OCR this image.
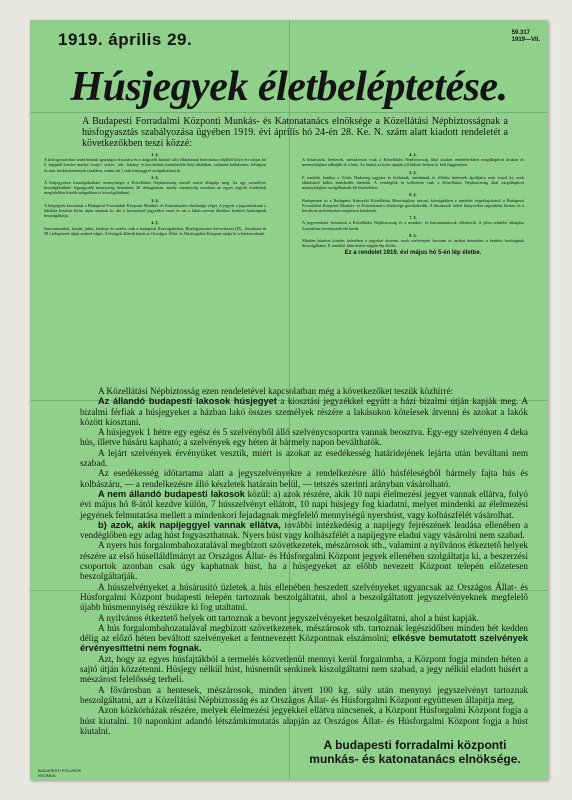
1919. április 29.	59.317
1919—VII.
Húsjegyek életbeléptetése.
A Budapesti Forradalmi Központi Munkás- és Katonatanács elnöksége a Közellátási Népbiztosságnak a húsfogyasztás szabályozása ügyében 1919. évi április hó 24-én 28. Ke. N. szám alatt kiadott rendeletét a következőkben teszi közzé:
1. §.
A kisfogyasztókra szánt húsnak igazságos elosztása és a dolgozók húsból való ellátásának biztosítása céljából folyó évi május hó 5. napjától kezdve marha-, borjú-, sertés-, juh-, bárány- és kecskehús (mindenféle hús) általában, valamint kolbászáru, felvágott és más húskészítmények (szalámi, sonka stb.) csak húsjeggyel szolgáltatható ki.
2. §.
A húsjegyeken kiszolgáltatható mennyiséget a Közellátási Népbiztosság esetről esetre állapítja meg. Az egy személyre kiszolgáltatható legnagyobb mennyiség hetenként 20 dekagramm, amely mennyiség azonban az egyes jegyek értékének megfelelően kisebb adagokban is kiszolgáltatható.
3. §.
A húsjegyek kiosztását a Budapesti Forradalmi Központi Munkás- és Katonatanács elnöksége végzi. A jegyek a jogosultaknak a lakóház bizalmi férfia útján adatnak ki, aki a kiosztásról jegyzéket vezet és azt a lakás szerint illetékes kerületi hatóságnak beszolgáltatja.
4. §.
Szarvasmarhát, borjút, juhot, bárányt és sertést csak a budapesti Közvágóhídon, Húsfogyasztási Szövetkezet (IX., Soroksári-út 58.) telepeinek útján szabad vágni. A levágott állatok húsát az Országos Állat- és Húsforgalmi Központ utalja ki a húsárusoknak.
4. §.
A húsárusok, hentesek, mészárosok csak a Közellátási Népbiztosság által kiadott rendeletekben megállapított árakon és mennyiségben adhatják el a húst. Az árakat az üzlet ajtaján jól látható helyen ki kell függeszteni.
5. §.
E rendelet hatálya a Vörös Hadsereg tagjaira és kórházak, menházak és ellátási intézetek ápoltjaira nem terjed ki; ezek ellátásáról külön intézkedés történik. A vendéglők és kifőzések csak a Közellátási Népbiztosság által megállapított mennyiségben szolgálhatnak fel húsételeket.
6. §.
Budapesten és a Budapesti Környéki Közellátási Bizottsághoz tartozó községekben e rendelet végrehajtásáról a Budapesti Forradalmi Központi Munkás- és Katonatanács elnöksége gondoskodik. A húsárusok üzleti könyveiket naponként lezárni és a beváltott szelvényeket megőrizni kötelesek.
7. §.
A jegyrendszer betartását a Közellátási Népbiztosság és a munkás- és katonatanácsok ellenőrzik. A jelen rendelet áthágása forradalmi törvényszék elé kerül.
8. §.
Minden húsárus köteles üzletében a jegyeket átvenni, azok szelvényeit bevonni és azokat hetenként a kerületi hatóságnak beszolgáltatni. E rendelet kihirdetése napján lép életbe.
Ez a rendelet 1919. évi május hó 5-én lép életbe.

A Közellátási Népbiztosság ezen rendeletével kapcsolatban még a következőket teszük közhírré:

Az állandó budapesti lakosok húsjegyet a kiosztási jegyzékkel együtt a házi bizalmi útján kapják meg. A bizalmi férfiak a húsjegyeket a házban lakó összes személyek részére a lakásukon kötelesek átvenni és azokat a lakók között kiosztani.

A húsjegyek 1 hétre egy egész és 5 szelvényből álló szelvénycsoportra vannak beosztva. Egy-egy szelvényen 4 deka hús, illetve húsáru kapható; a szelvények egy héten át bármely napon beválthatók.

A lejárt szelvények érvényüket vesztik, miért is azokat az esedékesség határidejének lejárta után beváltani nem szabad.

Az esedékesség időtartama alatt a jegyszelvényekre a rendelkezésre álló húsféleségből bármely fajta hús és kolbászáru, — a rendelkezésre álló készletek határain belül, — tetszés szerinti arányban vásárolható.

A nem állandó budapesti lakosok közül: a) azok részére, akik 10 napi élelmezési jegyet vannak ellátva, folyó évi május hó 8-ától kezdve külön, 7 hússzelvényt ellátott, 10 napi húsjegy fog kiadatni, melyet mindenki az élelmezési jegyének felmutatása mellett a mindenkori fejadagnak megfelelő mennyiségű nyershúst, vagy kolbászfélét vásárolhat.

b) azok, akik napijeggyel vannak ellátva, további intézkedésig a napijegy fejrészének leadása ellenében a vendéglőben egy adag húst fogyaszthatnak. Nyers húst vagy kolbászfélét a napijegyre eladni vagy vásárolni nem szabad.

A nyers hús forgalombahozatalával megbízott szövetkezetek, mészárosok stb., valamint a nyilvános étkeztető helyek részére az első húselláldlmányt az Országos Állat- és Húsforgalmi Központ jegyek ellenében szolgáltatja ki, a beszerzési csoportok azonban csak úgy kaphatnak húst, ha a húsjegyeket az előbb nevezett Központ telepén előzetesen beszolgáltatják.

A hússzelvényeket a húsárusító üzletek a hús ellenében beszedett szelvényeket ugyancsak az Országos Állat- és Húsforgalmi Központ budapesti telepén tartoznak beszolgáltatni, ahol a beszolgáltatott jegyszelvényeknek megfelelő újabb húsmennyiség részükre ki fog utaltatni.

A nyilvános étkeztető helyek ott tartoznak a bevont jegyszelvényeket beszolgáltatni, ahol a húst kapják.

A hús forgalombahozatalával megbízott szövetkezetek, mészárosok stb. tartoznak legészidőben minden hét kedden délig az előző héten beváltott szelvényeket a fentnevezett Központnak elszámolni; elkésve bemutatott szelvények érvényesíttetni nem fognak.

Azt, hogy az egyes húsfajtákból a termelés közvetlenül mennyi kerül forgalomba, a Központ fogja minden héten a sajtó útján közzétenni. Húsjegy nélkül húst, húsneműt senkinek kiszolgáltatni nem szabad, a jegy nélkül eladott húsért a mészárost felelősség terheli.

A fővárosban a hentesek, mészárosok, minden átvett 100 kg. súly után menynyi jegyszelvényt tartoznak beszolgáltatni, azt a Közellátási Népbiztosság és az Országos Állat- és Húsforgalmi Központ együttesen állapítja meg.

Azon közkórházak részére, melyek élelmezési jegyekkel ellátva nincsenek, a Központ Húsforgalmi Központ fogja a húst kiutalni. 10 naponkint adandó létszámkimutatás alapján az Országos Állat- és Húsforgalmi Központ fogja a húst kiutalni.

A budapesti forradalmi központi munkás- és katonatanács elnöksége.
BUDAPESTI PÓLUSOK
NYOMDA
